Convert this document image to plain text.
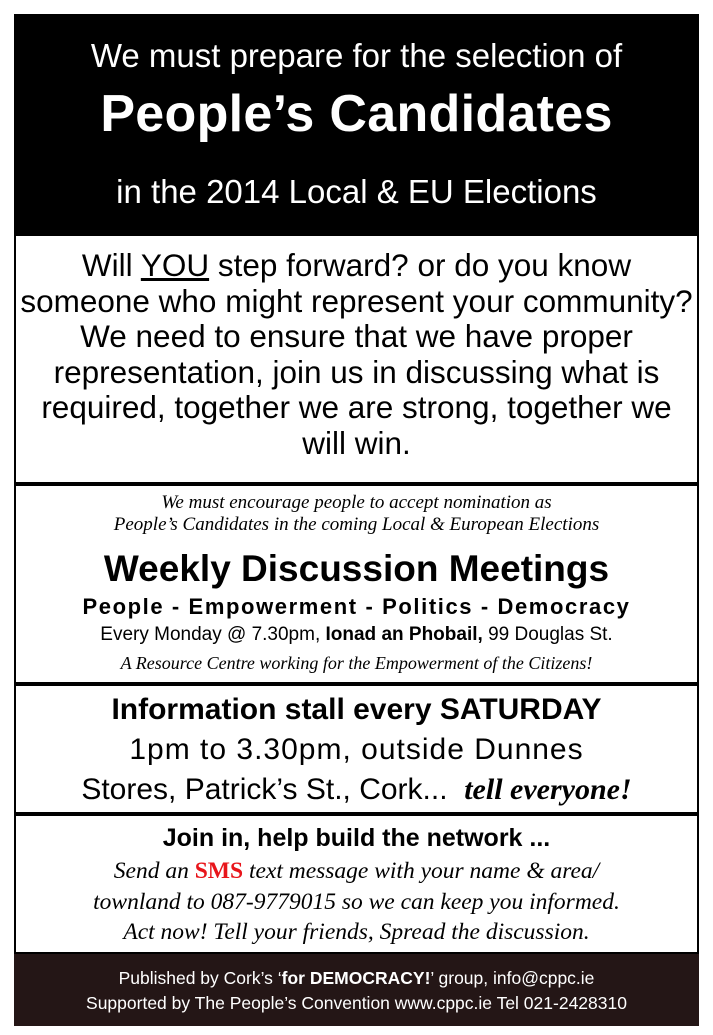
We must prepare for the selection of
People’s Candidates
in the 2014 Local & EU Elections
Will YOU step forward? or do you know someone who might represent your community? We need to ensure that we have proper representation, join us in discussing what is required, together we are strong, together we will win.
We must encourage people to accept nomination as
People’s Candidates in the coming Local & European Elections
Weekly Discussion Meetings
People - Empowerment - Politics - Democracy
Every Monday @ 7.30pm, Ionad an Phobail, 99 Douglas St.
A Resource Centre working for the Empowerment of the Citizens!
Information stall every SATURDAY
1pm to 3.30pm, outside Dunnes
Stores, Patrick’s St., Cork... tell everyone!
Join in, help build the network ...
Send an SMS text message with your name & area/
townland to 087-9779015 so we can keep you informed.
Act now! Tell your friends, Spread the discussion.
Published by Cork’s ‘for DEMOCRACY!’ group, info@cppc.ie
Supported by The People’s Convention www.cppc.ie Tel 021-2428310
